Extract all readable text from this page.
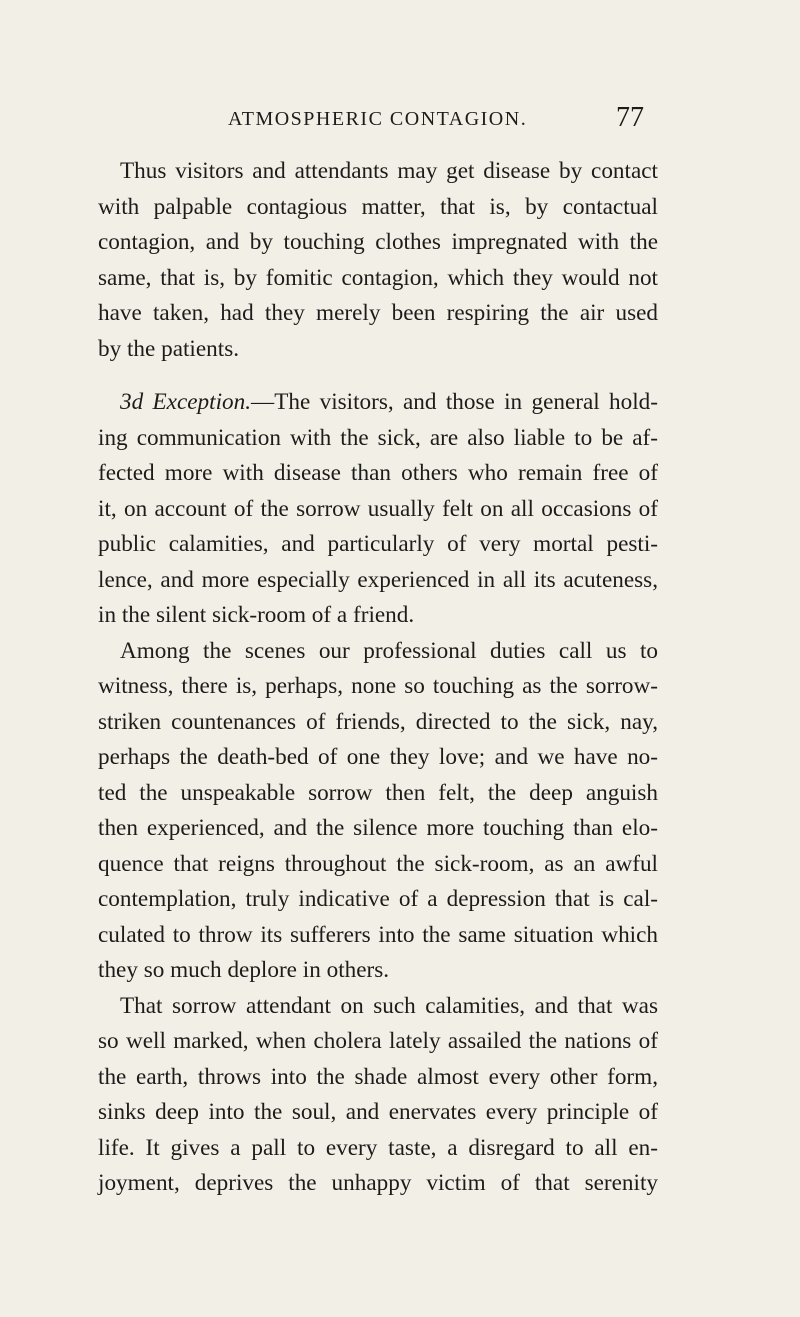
ATMOSPHERIC CONTAGION.	77
Thus visitors and attendants may get disease by contact
with palpable contagious matter, that is, by contactual
contagion, and by touching clothes impregnated with the
same, that is, by fomitic contagion, which they would not
have taken, had they merely been respiring the air used
by the patients.
3d Exception.—The visitors, and those in general hold-
ing communication with the sick, are also liable to be af-
fected more with disease than others who remain free of
it, on account of the sorrow usually felt on all occasions of
public calamities, and particularly of very mortal pesti-
lence, and more especially experienced in all its acuteness,
in the silent sick-room of a friend.
Among the scenes our professional duties call us to
witness, there is, perhaps, none so touching as the sorrow-
striken countenances of friends, directed to the sick, nay,
perhaps the death-bed of one they love; and we have no-
ted the unspeakable sorrow then felt, the deep anguish
then experienced, and the silence more touching than elo-
quence that reigns throughout the sick-room, as an awful
contemplation, truly indicative of a depression that is cal-
culated to throw its sufferers into the same situation which
they so much deplore in others.
That sorrow attendant on such calamities, and that was
so well marked, when cholera lately assailed the nations of
the earth, throws into the shade almost every other form,
sinks deep into the soul, and enervates every principle of
life. It gives a pall to every taste, a disregard to all en-
joyment, deprives the unhappy victim of that serenity
